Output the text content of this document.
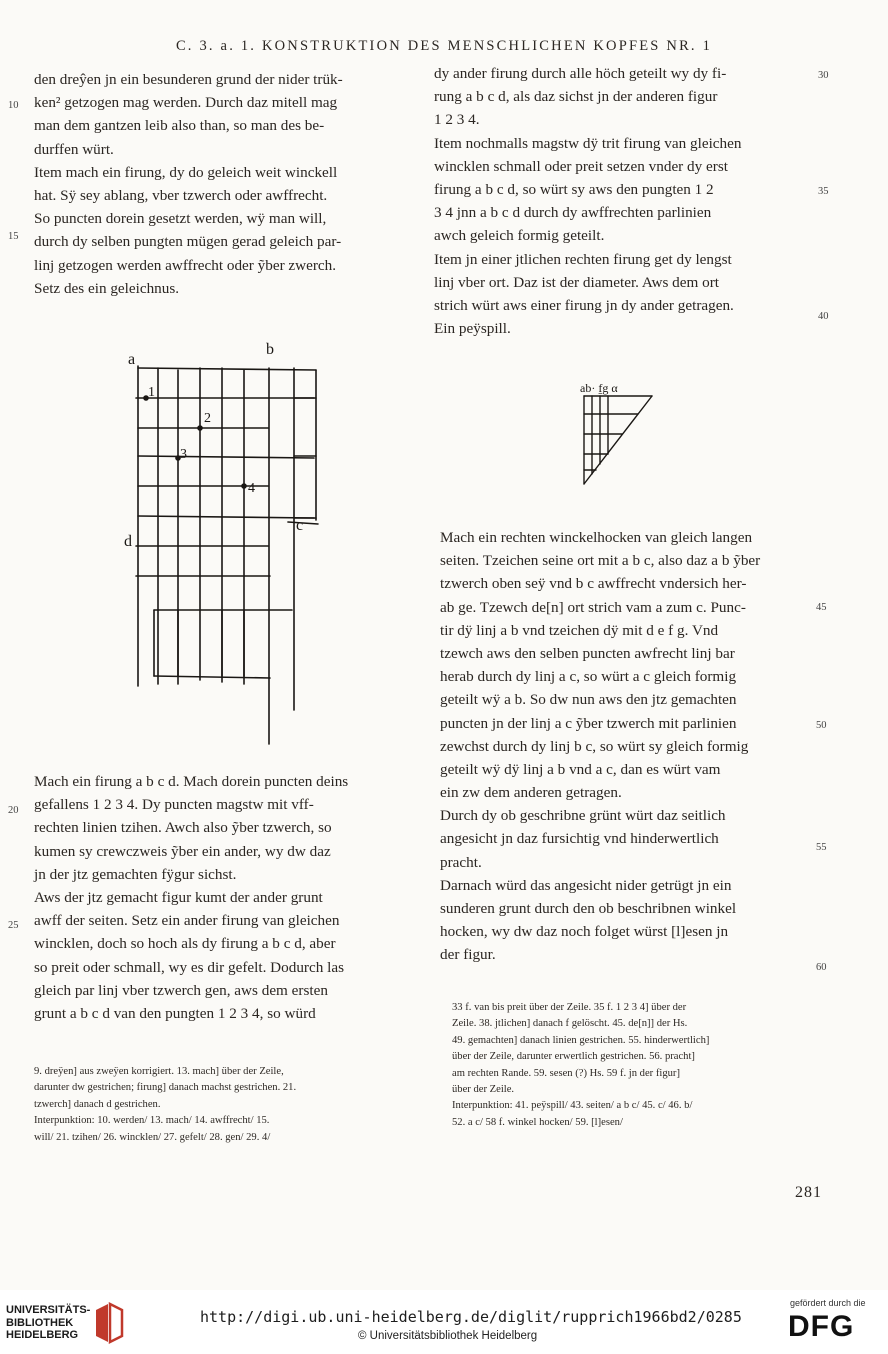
C. 3. a. 1. KONSTRUKTION DES MENSCHLICHEN KOPFES NR. 1
den dreŷen jn ein besunderen grund der nider trük-
ken² getzogen mag werden. Durch daz mitell mag
man dem gantzen leib also than, so man des be-
durffen würt.
Item mach ein firung, dy do geleich weit winckell
hat. Sÿ sey ablang, vber tzwerch oder awffrecht.
So puncten dorein gesetzt werden, wÿ man will,
durch dy selben pungten mügen gerad geleich par-
linj getzogen werden awffrecht oder ỹber zwerch.
Setz des ein geleichnus.
10
15
dy ander firung durch alle höch geteilt wy dy fi-
rung a b c d, als daz sichst jn der anderen figur
1 2 3 4.
Item nochmalls magstw dÿ trit firung van gleichen
wincklen schmall oder preit setzen vnder dy erst
firung a b c d, so würt sy aws den pungten 1 2
3 4 jnn a b c d durch dy awffrechten parlinien
awch geleich formig geteilt.
Item jn einer jtlichen rechten firung get dy lengst
linj vber ort. Daz ist der diameter. Aws dem ort
strich würt aws einer firung jn dy ander getragen.
Ein peÿspill.
30
35
40
a
b
c
d
1
2
3
4
ab· f̱g α
Mach ein rechten winckelhocken van gleich langen
seiten. Tzeichen seine ort mit a b c, also daz a b ỹber
tzwerch oben seÿ vnd b c awffrecht vndersich her-
ab ge. Tzewch de[n] ort strich vam a zum c. Punc-
tir dÿ linj a b vnd tzeichen dÿ mit d e f g. Vnd
tzewch aws den selben puncten awfrecht linj bar
herab durch dy linj a c, so würt a c gleich formig
geteilt wÿ a b. So dw nun aws den jtz gemachten
puncten jn der linj a c ỹber tzwerch mit parlinien
zewchst durch dy linj b c, so würt sy gleich formig
geteilt wÿ dÿ linj a b vnd a c, dan es würt vam
ein zw dem anderen getragen.
Durch dy ob geschribne grünt würt daz seitlich
angesicht jn daz fursichtig vnd hinderwertlich
pracht.
Darnach würd das angesicht nider getrügt jn ein
sunderen grunt durch den ob beschribnen winkel
hocken, wy dw daz noch folget würst [l]esen jn
der figur.
45
50
55
60
Mach ein firung a b c d. Mach dorein puncten deins
gefallens 1 2 3 4. Dy puncten magstw mit vff-
rechten linien tzihen. Awch also ỹber tzwerch, so
kumen sy crewczweis ỹber ein ander, wy dw daz
jn der jtz gemachten fÿgur sichst.
Aws der jtz gemacht figur kumt der ander grunt
awff der seiten. Setz ein ander firung van gleichen
wincklen, doch so hoch als dy firung a b c d, aber
so preit oder schmall, wy es dir gefelt. Dodurch las
gleich par linj vber tzwerch gen, aws dem ersten
grunt a b c d van den pungten 1 2 3 4, so würd
20
25
9. dreÿen] aus zweÿen korrigiert. 13. mach] über der Zeile,
darunter dw gestrichen; firung] danach machst gestrichen. 21.
tzwerch] danach d gestrichen.
Interpunktion: 10. werden/ 13. mach/ 14. awffrecht/ 15.
will/ 21. tzihen/ 26. wincklen/ 27. gefelt/ 28. gen/ 29. 4/
33 f. van bis preit über der Zeile. 35 f. 1 2 3 4] über der
Zeile. 38. jtlichen] danach f gelöscht. 45. de[n]] der Hs.
49. gemachten] danach linien gestrichen. 55. hinderwertlich]
über der Zeile, darunter erwertlich gestrichen. 56. pracht]
am rechten Rande. 59. sesen (?) Hs. 59 f. jn der figur]
über der Zeile.
Interpunktion: 41. peÿspill/ 43. seiten/ a b c/ 45. c/ 46. b/
52. a c/ 58 f. winkel hocken/ 59. [l]esen/
281
UNIVERSITÄTS-
BIBLIOTHEK
HEIDELBERG
http://digi.ub.uni-heidelberg.de/diglit/rupprich1966bd2/0285
© Universitätsbibliothek Heidelberg
gefördert durch die
DFG
